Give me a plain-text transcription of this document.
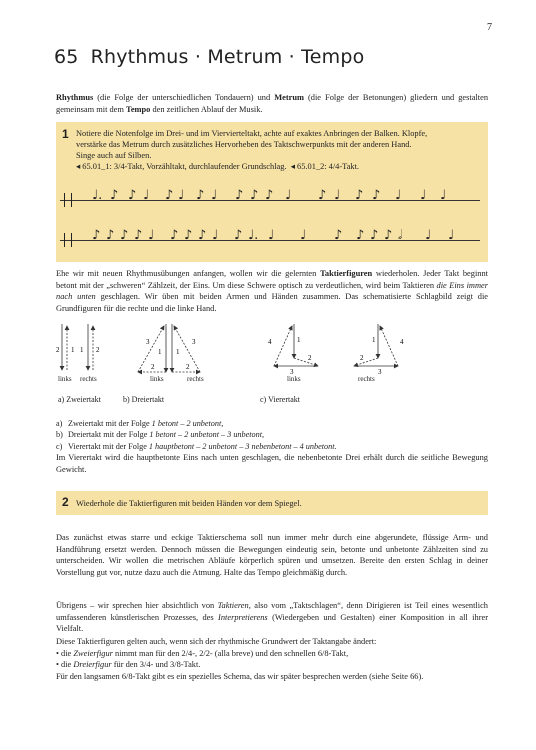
7
65 Rhythmus · Metrum · Tempo
Rhythmus (die Folge der unterschiedlichen Tondauern) und Metrum (die Folge der Betonungen) gliedern und gestalten gemeinsam mit dem Tempo den zeitlichen Ablauf der Musik.
1 Notiere die Notenfolge im Drei- und im Viervierteltakt, achte auf exaktes Anbringen der Balken. Klopfe,
verstärke das Metrum durch zusätzliches Hervorheben des Taktschwerpunkts mit der anderen Hand.
Singe auch auf Silben.
◂ 65.01_1: 3/4-Takt, Vorzähltakt, durchlaufender Grundschlag. ◂ 65.01_2: 4/4-Takt.
♩. ♪ ♪ ♩ ♪ ♩ ♪ ♩ ♪ ♪ ♪ ♩ ♪ ♩ ♪ ♪ ♩ ♩ ♩
♪ ♪ ♪ ♪ ♩ ♪ ♪ ♪ ♩ ♪ ♩. ♩ ♩ ♪ ♪ ♪ ♪ 𝅗𝅥 ♩ ♩
Ehe wir mit neuen Rhythmusübungen anfangen, wollen wir die gelernten Taktierfiguren wiederholen. Jeder Takt beginnt betont mit der „schweren“ Zählzeit, der Eins. Um diese Schwere optisch zu verdeutlichen, wird beim Taktieren die Eins immer nach unten geschlagen. Wir üben mit beiden Armen und Händen zusammen. Das schematisierte Schlagbild zeigt die Grundfiguren für die rechte und die linke Hand.
2 1 1 2
3
1
2
1
2
3	4	1
2
3
1
2
3
4
links rechts	links	rechts	links	rechts
a) Zweiertakt	b) Dreiertakt	c) Vierertakt
a) Zweiertakt mit der Folge 1 betont – 2 unbetont,
b) Dreiertakt mit der Folge 1 betont – 2 unbetont – 3 unbetont,
c) Vierertakt mit der Folge 1 hauptbetont – 2 unbetont – 3 nebenbetont – 4 unbetont.
Im Vierertakt wird die hauptbetonte Eins nach unten geschlagen, die nebenbetonte Drei erhält durch die seitliche Bewegung Gewicht.
2 Wiederhole die Taktierfiguren mit beiden Händen vor dem Spiegel.
Das zunächst etwas starre und eckige Taktierschema soll nun immer mehr durch eine abgerundete, flüssige Arm- und Handführung ersetzt werden. Dennoch müssen die Bewegungen eindeutig sein, betonte und unbetonte Zählzeiten sind zu unterscheiden. Wir wollen die metrischen Abläufe körperlich spüren und umsetzen. Bereite den ersten Schlag in deiner Vorstellung gut vor, nutze dazu auch die Atmung. Halte das Tempo gleichmäßig durch.
Übrigens – wir sprechen hier absichtlich von Taktieren, also vom „Taktschlagen“, denn Dirigieren ist Teil eines wesentlich umfassenderen künstlerischen Prozesses, des Interpretierens (Wiedergeben und Gestalten) einer Komposition in all ihrer Vielfalt.
Diese Taktierfiguren gelten auch, wenn sich der rhythmische Grundwert der Taktangabe ändert:
• die Zweierfigur nimmt man für den 2/4-, 2/2- (alla breve) und den schnellen 6/8-Takt,
• die Dreierfigur für den 3/4- und 3/8-Takt.
Für den langsamen 6/8-Takt gibt es ein spezielles Schema, das wir später besprechen werden (siehe Seite 66).
